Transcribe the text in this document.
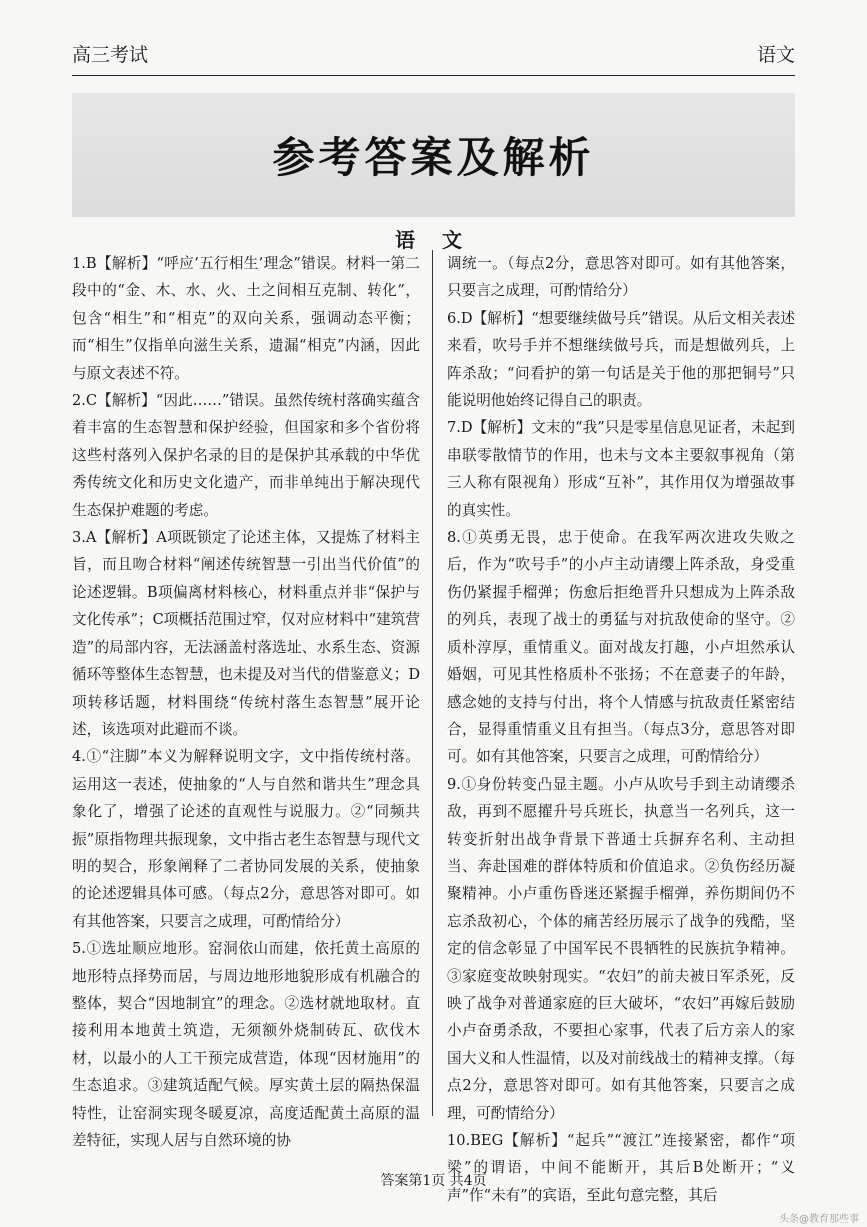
高三考试	语文
参考答案及解析
语 文

1.B【解析】“呼应‘五行相生’理念”错误。材料一第二段中的“金、木、水、火、土之间相互克制、转化”，包含“相生”和“相克”的双向关系，强调动态平衡；而“相生”仅指单向滋生关系，遗漏“相克”内涵，因此与原文表述不符。

2.C【解析】“因此……”错误。虽然传统村落确实蕴含着丰富的生态智慧和保护经验，但国家和多个省份将这些村落列入保护名录的目的是保护其承载的中华优秀传统文化和历史文化遗产，而非单纯出于解决现代生态保护难题的考虑。

3.A【解析】A项既锁定了论述主体，又提炼了材料主旨，而且吻合材料“阐述传统智慧一引出当代价值”的论述逻辑。B项偏离材料核心，材料重点并非“保护与文化传承”；C项概括范围过窄，仅对应材料中“建筑营造”的局部内容，无法涵盖村落选址、水系生态、资源循环等整体生态智慧，也未提及对当代的借鉴意义；D项转移话题，材料围绕“传统村落生态智慧”展开论述，该选项对此避而不谈。

4.①“注脚”本义为解释说明文字，文中指传统村落。运用这一表述，使抽象的“人与自然和谐共生”理念具象化了，增强了论述的直观性与说服力。②“同频共振”原指物理共振现象，文中指古老生态智慧与现代文明的契合，形象阐释了二者协同发展的关系，使抽象的论述逻辑具体可感。（每点2分，意思答对即可。如有其他答案，只要言之成理，可酌情给分）

5.①选址顺应地形。窑洞依山而建，依托黄土高原的地形特点择势而居，与周边地形地貌形成有机融合的整体，契合“因地制宜”的理念。②选材就地取材。直接利用本地黄土筑造，无须额外烧制砖瓦、砍伐木材，以最小的人工干预完成营造，体现“因材施用”的生态追求。③建筑适配气候。厚实黄土层的隔热保温特性，让窑洞实现冬暖夏凉，高度适配黄土高原的温差特征，实现人居与自然环境的协

调统一。（每点2分，意思答对即可。如有其他答案，只要言之成理，可酌情给分）

6.D【解析】“想要继续做号兵”错误。从后文相关表述来看，吹号手并不想继续做号兵，而是想做列兵，上阵杀敌；“问看护的第一句话是关于他的那把铜号”只能说明他始终记得自己的职责。

7.D【解析】文末的“我”只是零星信息见证者，未起到串联零散情节的作用，也未与文本主要叙事视角（第三人称有限视角）形成“互补”，其作用仅为增强故事的真实性。

8.①英勇无畏，忠于使命。在我军两次进攻失败之后，作为“吹号手”的小卢主动请缨上阵杀敌，身受重伤仍紧握手榴弹；伤愈后拒绝晋升只想成为上阵杀敌的列兵，表现了战士的勇猛与对抗敌使命的坚守。②质朴淳厚，重情重义。面对战友打趣，小卢坦然承认婚姻，可见其性格质朴不张扬；不在意妻子的年龄，感念她的支持与付出，将个人情感与抗敌责任紧密结合，显得重情重义且有担当。（每点3分，意思答对即可。如有其他答案，只要言之成理，可酌情给分）

9.①身份转变凸显主题。小卢从吹号手到主动请缨杀敌，再到不愿擢升号兵班长，执意当一名列兵，这一转变折射出战争背景下普通士兵摒弃名利、主动担当、奔赴国难的群体特质和价值追求。②负伤经历凝聚精神。小卢重伤昏迷还紧握手榴弹，养伤期间仍不忘杀敌初心，个体的痛苦经历展示了战争的残酷，坚定的信念彰显了中国军民不畏牺牲的民族抗争精神。③家庭变故映射现实。“农妇”的前夫被日军杀死，反映了战争对普通家庭的巨大破坏，“农妇”再嫁后鼓励小卢奋勇杀敌，不要担心家事，代表了后方亲人的家国大义和人性温情，以及对前线战士的精神支撑。（每点2分，意思答对即可。如有其他答案，只要言之成理，可酌情给分）

10.BEG【解析】“起兵”“渡江”连接紧密，都作“项梁”的谓语，中间不能断开，其后B处断开；“义声”作“未有”的宾语，至此句意完整，其后

答案第1页 共4页
头条@教育那些事
